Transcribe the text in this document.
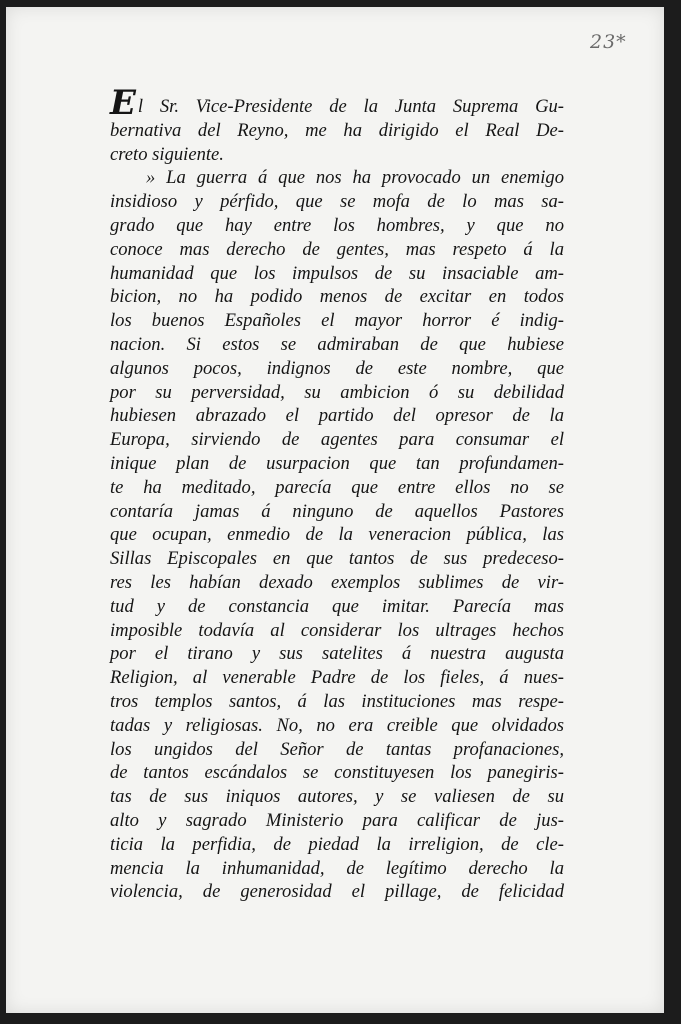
23*
El Sr. Vice-Presidente de la Junta Suprema Gu-
bernativa del Reyno, me ha dirigido el Real De-
creto siguiente.
» La guerra á que nos ha provocado un enemigo
insidioso y pérfido, que se mofa de lo mas sa-
grado que hay entre los hombres, y que no
conoce mas derecho de gentes, mas respeto á la
humanidad que los impulsos de su insaciable am-
bicion, no ha podido menos de excitar en todos
los buenos Españoles el mayor horror é indig-
nacion. Si estos se admiraban de que hubiese
algunos pocos, indignos de este nombre, que
por su perversidad, su ambicion ó su debilidad
hubiesen abrazado el partido del opresor de la
Europa, sirviendo de agentes para consumar el
inique plan de usurpacion que tan profundamen-
te ha meditado, parecía que entre ellos no se
contaría jamas á ninguno de aquellos Pastores
que ocupan, enmedio de la veneracion pública, las
Sillas Episcopales en que tantos de sus predeceso-
res les habían dexado exemplos sublimes de vir-
tud y de constancia que imitar. Parecía mas
imposible todavía al considerar los ultrages hechos
por el tirano y sus satelites á nuestra augusta
Religion, al venerable Padre de los fieles, á nues-
tros templos santos, á las instituciones mas respe-
tadas y religiosas. No, no era creible que olvidados
los ungidos del Señor de tantas profanaciones,
de tantos escándalos se constituyesen los panegiris-
tas de sus iniquos autores, y se valiesen de su
alto y sagrado Ministerio para calificar de jus-
ticia la perfidia, de piedad la irreligion, de cle-
mencia la inhumanidad, de legítimo derecho la
violencia, de generosidad el pillage, de felicidad
